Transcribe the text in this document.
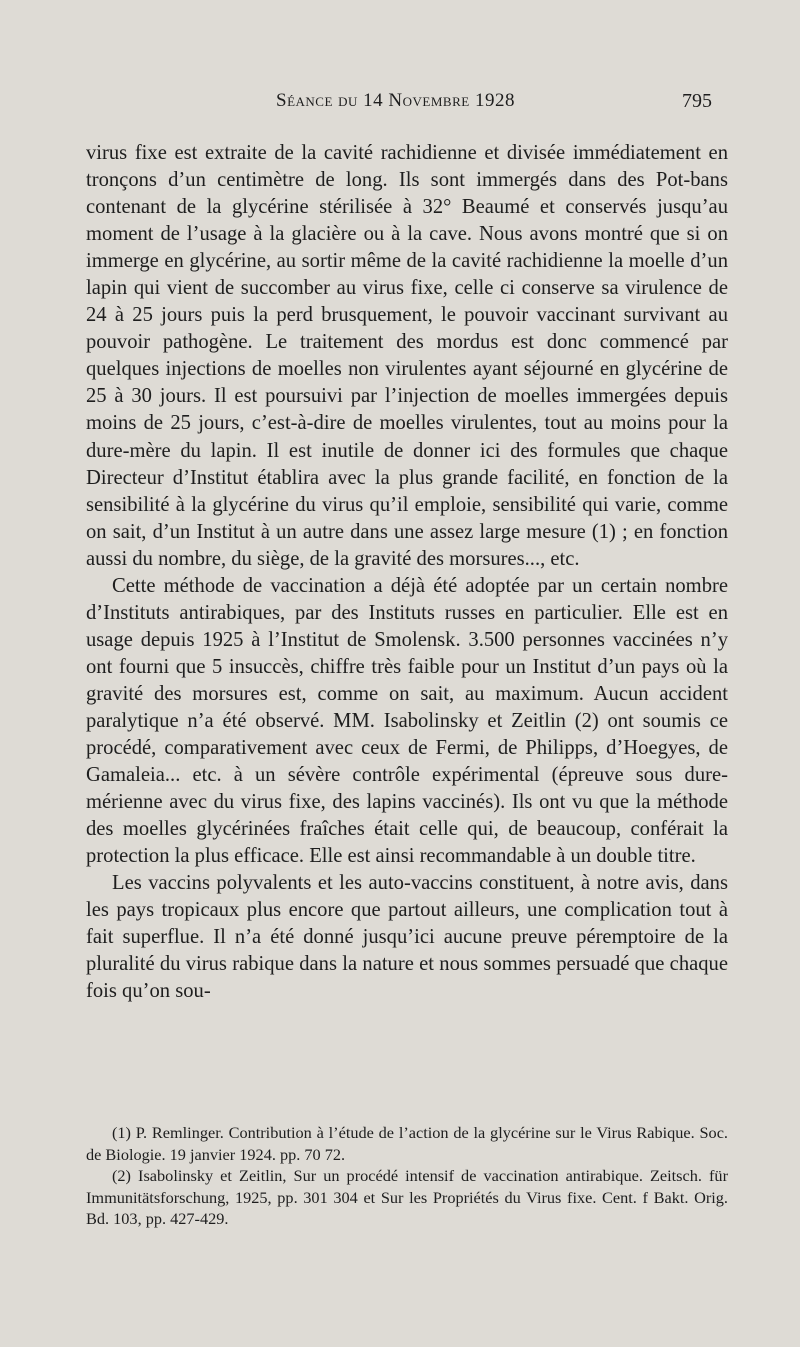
Séance du 14 Novembre 1928	795

virus fixe est extraite de la cavité rachidienne et divisée immédiatement en tronçons d’un centimètre de long. Ils sont immergés dans des Pot-bans contenant de la glycérine stérilisée à 32° Beaumé et conservés jusqu’au moment de l’usage à la glacière ou à la cave. Nous avons montré que si on immerge en glycérine, au sortir même de la cavité rachidienne la moelle d’un lapin qui vient de succomber au virus fixe, celle ci conserve sa virulence de 24 à 25 jours puis la perd brusquement, le pouvoir vaccinant survivant au pouvoir pathogène. Le traitement des mordus est donc commencé par quelques injections de moelles non virulentes ayant séjourné en glycérine de 25 à 30 jours. Il est poursuivi par l’injection de moelles immergées depuis moins de 25 jours, c’est-à-dire de moelles virulentes, tout au moins pour la dure-mère du lapin. Il est inutile de donner ici des formules que chaque Directeur d’Institut établira avec la plus grande facilité, en fonction de la sensibilité à la glycérine du virus qu’il emploie, sensibilité qui varie, comme on sait, d’un Institut à un autre dans une assez large mesure (1) ; en fonction aussi du nombre, du siège, de la gravité des morsures..., etc.

Cette méthode de vaccination a déjà été adoptée par un certain nombre d’Instituts antirabiques, par des Instituts russes en particulier. Elle est en usage depuis 1925 à l’Institut de Smolensk. 3.500 personnes vaccinées n’y ont fourni que 5 insuccès, chiffre très faible pour un Institut d’un pays où la gravité des morsures est, comme on sait, au maximum. Aucun accident paralytique n’a été observé. MM. Isabolinsky et Zeitlin (2) ont soumis ce procédé, comparativement avec ceux de Fermi, de Philipps, d’Hoegyes, de Gamaleia... etc. à un sévère contrôle expérimental (épreuve sous dure-mérienne avec du virus fixe, des lapins vaccinés). Ils ont vu que la méthode des moelles glycérinées fraîches était celle qui, de beaucoup, conférait la protection la plus efficace. Elle est ainsi recommandable à un double titre.

Les vaccins polyvalents et les auto-vaccins constituent, à notre avis, dans les pays tropicaux plus encore que partout ailleurs, une complication tout à fait superflue. Il n’a été donné jusqu’ici aucune preuve péremptoire de la pluralité du virus rabique dans la nature et nous sommes persuadé que chaque fois qu’on sou-

(1) P. Remlinger. Contribution à l’étude de l’action de la glycérine sur le Virus Rabique. Soc. de Biologie. 19 janvier 1924. pp. 70 72.

(2) Isabolinsky et Zeitlin, Sur un procédé intensif de vaccination antirabique. Zeitsch. für Immunitätsforschung, 1925, pp. 301 304 et Sur les Propriétés du Virus fixe. Cent. f Bakt. Orig. Bd. 103, pp. 427-429.
